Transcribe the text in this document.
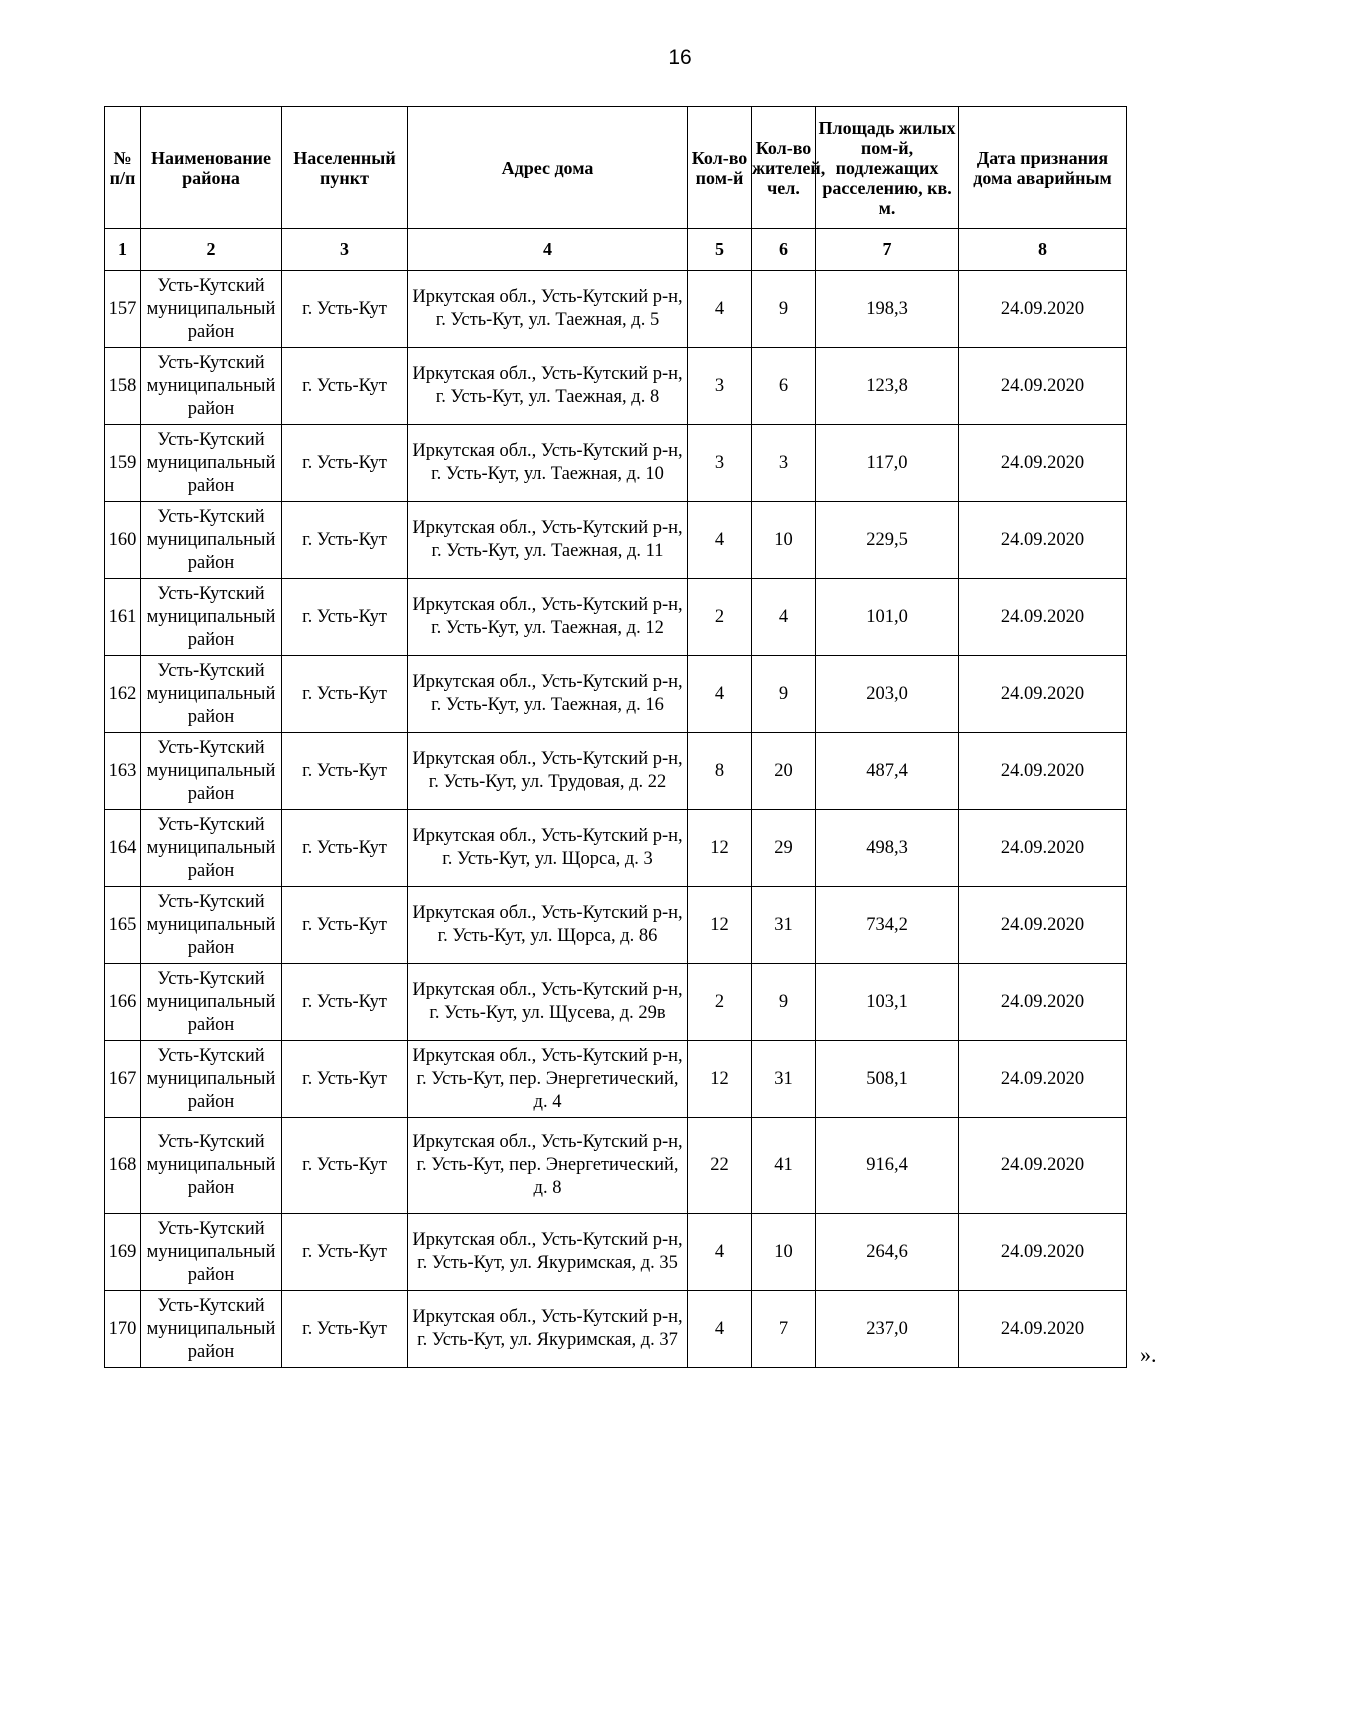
16
№ п/п	Наименование района	Населенный пункт	Адрес дома	Кол-во пом-й	Кол-во жителей, чел.	Площадь жилых пом-й, подлежащих расселению, кв. м.	Дата признания дома аварийным
1	2	3	4	5	6	7	8
157	Усть-Кутский муниципальный район	г. Усть-Кут	Иркутская обл., Усть-Кутский р-н, г. Усть-Кут, ул. Таежная, д. 5	4	9	198,3	24.09.2020
158	Усть-Кутский муниципальный район	г. Усть-Кут	Иркутская обл., Усть-Кутский р-н, г. Усть-Кут, ул. Таежная, д. 8	3	6	123,8	24.09.2020
159	Усть-Кутский муниципальный район	г. Усть-Кут	Иркутская обл., Усть-Кутский р-н, г. Усть-Кут, ул. Таежная, д. 10	3	3	117,0	24.09.2020
160	Усть-Кутский муниципальный район	г. Усть-Кут	Иркутская обл., Усть-Кутский р-н, г. Усть-Кут, ул. Таежная, д. 11	4	10	229,5	24.09.2020
161	Усть-Кутский муниципальный район	г. Усть-Кут	Иркутская обл., Усть-Кутский р-н, г. Усть-Кут, ул. Таежная, д. 12	2	4	101,0	24.09.2020
162	Усть-Кутский муниципальный район	г. Усть-Кут	Иркутская обл., Усть-Кутский р-н, г. Усть-Кут, ул. Таежная, д. 16	4	9	203,0	24.09.2020
163	Усть-Кутский муниципальный район	г. Усть-Кут	Иркутская обл., Усть-Кутский р-н, г. Усть-Кут, ул. Трудовая, д. 22	8	20	487,4	24.09.2020
164	Усть-Кутский муниципальный район	г. Усть-Кут	Иркутская обл., Усть-Кутский р-н, г. Усть-Кут, ул. Щорса, д. 3	12	29	498,3	24.09.2020
165	Усть-Кутский муниципальный район	г. Усть-Кут	Иркутская обл., Усть-Кутский р-н, г. Усть-Кут, ул. Щорса, д. 86	12	31	734,2	24.09.2020
166	Усть-Кутский муниципальный район	г. Усть-Кут	Иркутская обл., Усть-Кутский р-н, г. Усть-Кут, ул. Щусева, д. 29в	2	9	103,1	24.09.2020
167	Усть-Кутский муниципальный район	г. Усть-Кут	Иркутская обл., Усть-Кутский р-н, г. Усть-Кут, пер. Энергетический, д. 4	12	31	508,1	24.09.2020
168	Усть-Кутский муниципальный район	г. Усть-Кут	Иркутская обл., Усть-Кутский р-н, г. Усть-Кут, пер. Энергетический, д. 8	22	41	916,4	24.09.2020
169	Усть-Кутский муниципальный район	г. Усть-Кут	Иркутская обл., Усть-Кутский р-н, г. Усть-Кут, ул. Якуримская, д. 35	4	10	264,6	24.09.2020
170	Усть-Кутский муниципальный район	г. Усть-Кут	Иркутская обл., Усть-Кутский р-н, г. Усть-Кут, ул. Якуримская, д. 37	4	7	237,0	24.09.2020
».
